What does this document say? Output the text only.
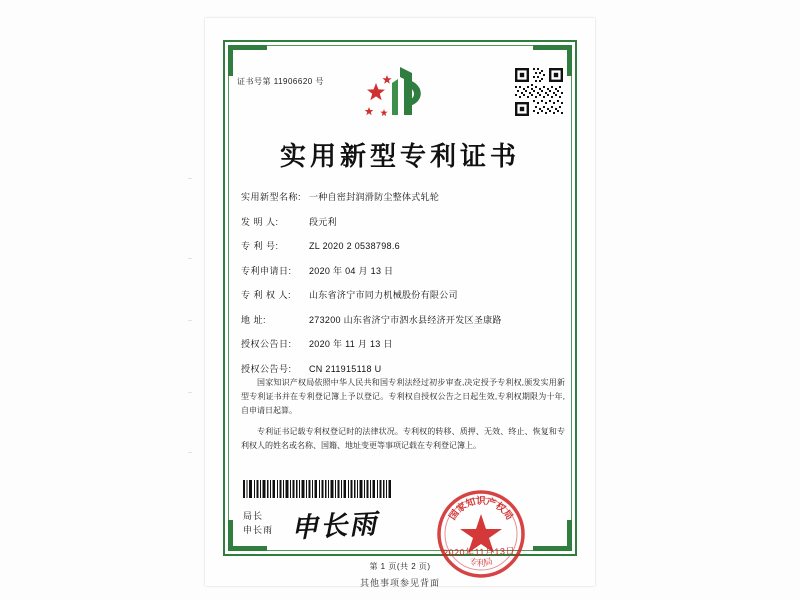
证书号第 11906620 号
实用新型专利证书
实用新型名称: 一种自密封润滑防尘整体式轧轮
发 明 人:	段元利
专 利 号:	ZL 2020 2 0538798.6
专利申请日:	2020 年 04 月 13 日
专 利 权 人:	山东省济宁市同力机械股份有限公司
地 址:	273200 山东省济宁市泗水县经济开发区圣康路
授权公告日:	2020 年 11 月 13 日
授权公告号:	CN 211915118 U

国家知识产权局依照中华人民共和国专利法经过初步审查,决定授予专利权,颁发实用新型专利证书并在专利登记簿上予以登记。专利权自授权公告之日起生效,专利权期限为十年,自申请日起算。

专利证书记载专利权登记时的法律状况。专利权的转移、质押、无效、终止、恢复和专利权人的姓名或名称、国籍、地址变更等事项记载在专利登记簿上。

局长
申长雨 申长雨	国家知识产权局
专利局
2020年11月13日
第 1 页(共 2 页)
其他事项参见背面
